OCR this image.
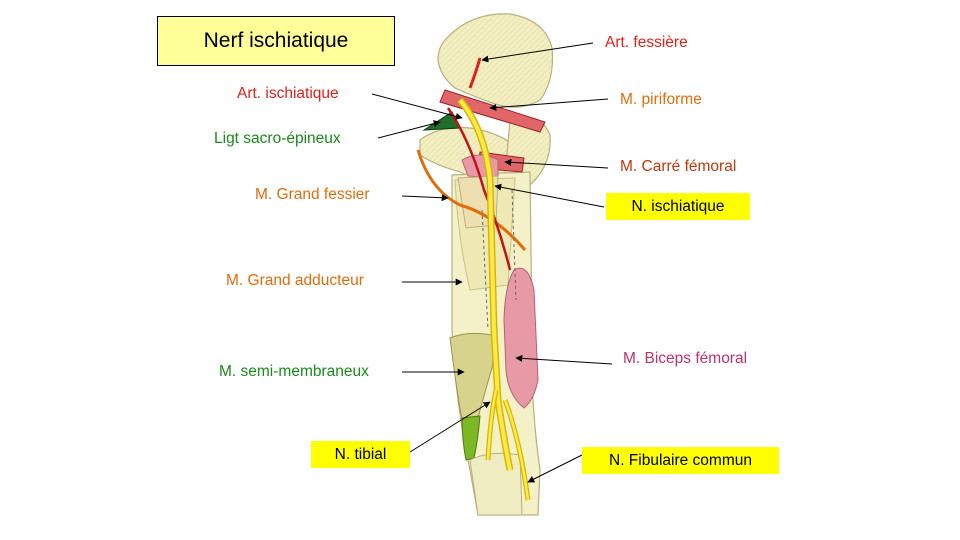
Nerf ischiatique	Art. fessière
M. piriforme
Art. ischiatique
Ligt sacro-épineux
M. Carré fémoral
M. Grand fessier
N. ischiatique
M. Grand adducteur
M. Biceps fémoral
M. semi-membraneux
N. tibial	N. Fibulaire commun
